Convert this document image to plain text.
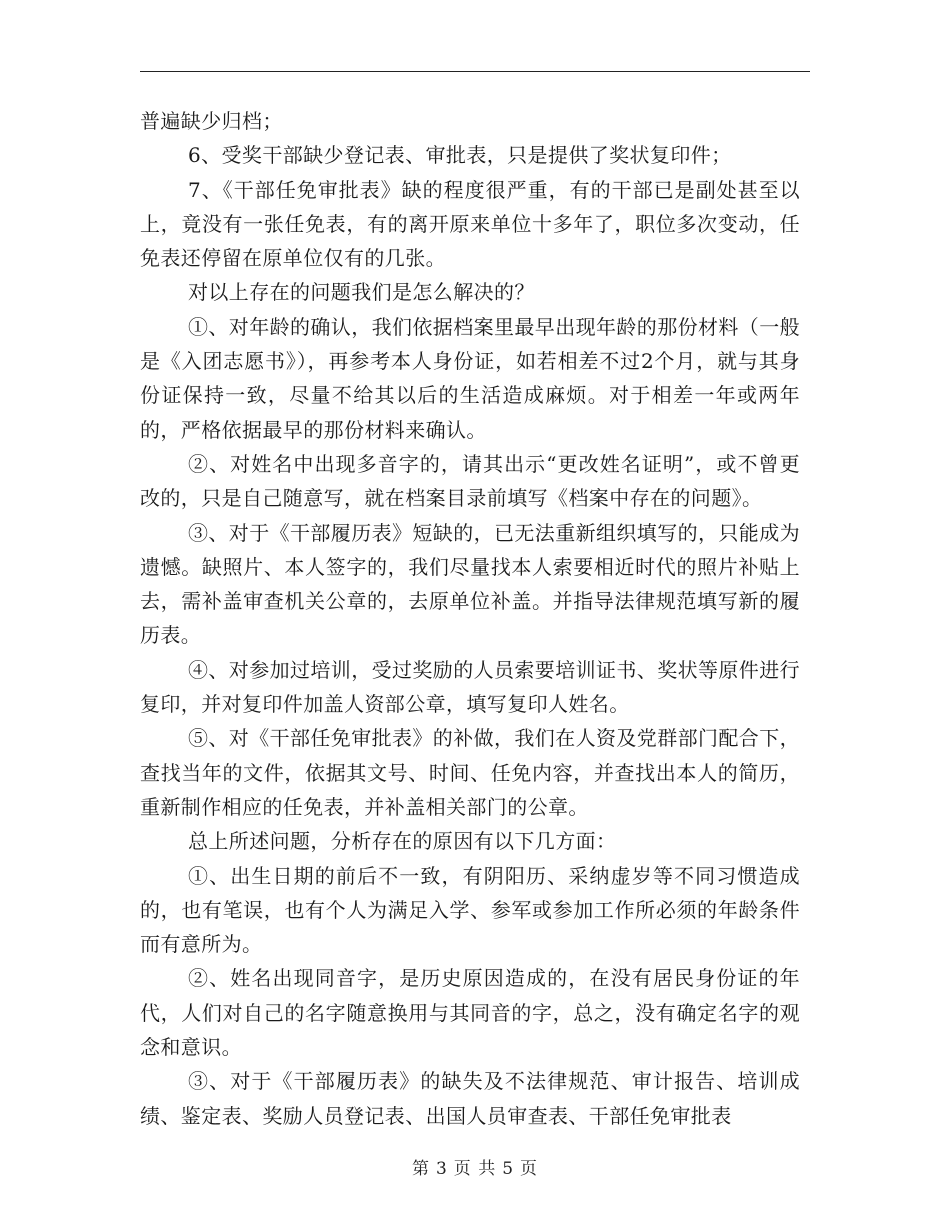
普遍缺少归档；

6、受奖干部缺少登记表、审批表，只是提供了奖状复印件；

7、《干部任免审批表》缺的程度很严重，有的干部已是副处甚至以上，竟没有一张任免表，有的离开原来单位十多年了，职位多次变动，任免表还停留在原单位仅有的几张。

对以上存在的问题我们是怎么解决的？

①、对年龄的确认，我们依据档案里最早出现年龄的那份材料（一般是《入团志愿书》），再参考本人身份证，如若相差不过2个月，就与其身份证保持一致，尽量不给其以后的生活造成麻烦。对于相差一年或两年的，严格依据最早的那份材料来确认。

②、对姓名中出现多音字的，请其出示“更改姓名证明”，或不曾更改的，只是自己随意写，就在档案目录前填写《档案中存在的问题》。

③、对于《干部履历表》短缺的，已无法重新组织填写的，只能成为遗憾。缺照片、本人签字的，我们尽量找本人索要相近时代的照片补贴上去，需补盖审查机关公章的，去原单位补盖。并指导法律规范填写新的履历表。

④、对参加过培训，受过奖励的人员索要培训证书、奖状等原件进行复印，并对复印件加盖人资部公章，填写复印人姓名。

⑤、对《干部任免审批表》的补做，我们在人资及党群部门配合下，查找当年的文件，依据其文号、时间、任免内容，并查找出本人的简历，重新制作相应的任免表，并补盖相关部门的公章。

总上所述问题，分析存在的原因有以下几方面：

①、出生日期的前后不一致，有阴阳历、采纳虚岁等不同习惯造成的，也有笔误，也有个人为满足入学、参军或参加工作所必须的年龄条件而有意所为。

②、姓名出现同音字，是历史原因造成的，在没有居民身份证的年代，人们对自己的名字随意换用与其同音的字，总之，没有确定名字的观念和意识。

③、对于《干部履历表》的缺失及不法律规范、审计报告、培训成绩、鉴定表、奖励人员登记表、出国人员审查表、干部任免审批表

第 3 页 共 5 页
